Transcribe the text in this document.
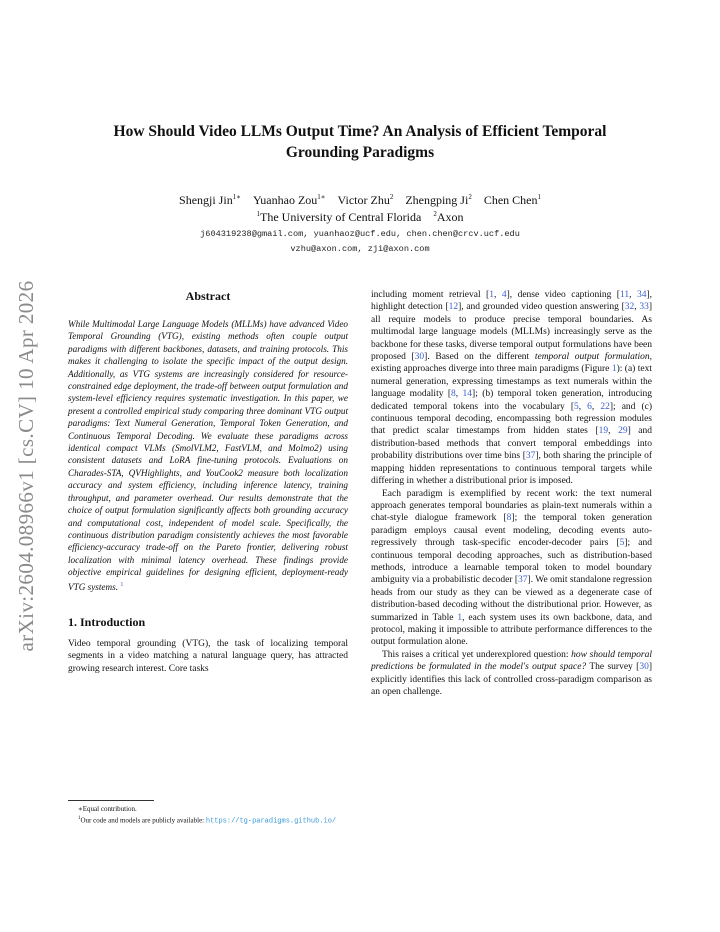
arXiv:2604.08966v1 [cs.CV] 10 Apr 2026
How Should Video LLMs Output Time? An Analysis of Efficient Temporal Grounding Paradigms
Shengji Jin$^{1∗}$  Yuanhao Zou$^{1∗}$  Victor Zhu$^2$  Zhengping Ji$^2$  Chen Chen$^1$
$^1$The University of Central Florida  $^2$Axon
j604319238@gmail.com, yuanhaoz@ucf.edu, chen.chen@crcv.ucf.edu
vzhu@axon.com, zji@axon.com
Abstract

While Multimodal Large Language Models (MLLMs) have advanced Video Temporal Grounding (VTG), existing methods often couple output paradigms with different backbones, datasets, and training protocols. This makes it challenging to isolate the specific impact of the output design. Additionally, as VTG systems are increasingly considered for resource-constrained edge deployment, the trade-off between output formulation and system-level efficiency requires systematic investigation. In this paper, we present a controlled empirical study comparing three dominant VTG output paradigms: Text Numeral Generation, Temporal Token Generation, and Continuous Temporal Decoding. We evaluate these paradigms across identical compact VLMs (SmolVLM2, FastVLM, and Molmo2) using consistent datasets and LoRA fine-tuning protocols. Evaluations on Charades-STA, QVHighlights, and YouCook2 measure both localization accuracy and system efficiency, including inference latency, training throughput, and parameter overhead. Our results demonstrate that the choice of output formulation significantly affects both grounding accuracy and computational cost, independent of model scale. Specifically, the continuous distribution paradigm consistently achieves the most favorable efficiency-accuracy trade-off on the Pareto frontier, delivering robust localization with minimal latency overhead. These findings provide objective empirical guidelines for designing efficient, deployment-ready VTG systems. $^1$

1. Introduction

Video temporal grounding (VTG), the task of localizing temporal segments in a video matching a natural language query, has attracted growing research interest. Core tasks

∗Equal contribution.

$^1$Our code and models are publicly available: https://tg-paradigms.github.io/

including moment retrieval [1, 4], dense video captioning [11, 34], highlight detection [12], and grounded video question answering [32, 33] all require models to produce precise temporal boundaries. As multimodal large language models (MLLMs) increasingly serve as the backbone for these tasks, diverse temporal output formulations have been proposed [30]. Based on the different temporal output formulation, existing approaches diverge into three main paradigms (Figure 1): (a) text numeral generation, expressing timestamps as text numerals within the language modality [8, 14]; (b) temporal token generation, introducing dedicated temporal tokens into the vocabulary [5, 6, 22]; and (c) continuous temporal decoding, encompassing both regression modules that predict scalar timestamps from hidden states [19, 29] and distribution-based methods that convert temporal embeddings into probability distributions over time bins [37], both sharing the principle of mapping hidden representations to continuous temporal targets while differing in whether a distributional prior is imposed.

Each paradigm is exemplified by recent work: the text numeral approach generates temporal boundaries as plain-text numerals within a chat-style dialogue framework [8]; the temporal token generation paradigm employs causal event modeling, decoding events auto-regressively through task-specific encoder-decoder pairs [5]; and continuous temporal decoding approaches, such as distribution-based methods, introduce a learnable temporal token to model boundary ambiguity via a probabilistic decoder [37]. We omit standalone regression heads from our study as they can be viewed as a degenerate case of distribution-based decoding without the distributional prior. However, as summarized in Table 1, each system uses its own backbone, data, and protocol, making it impossible to attribute performance differences to the output formulation alone.

This raises a critical yet underexplored question: how should temporal predictions be formulated in the model's output space? The survey [30] explicitly identifies this lack of controlled cross-paradigm comparison as an open challenge.
